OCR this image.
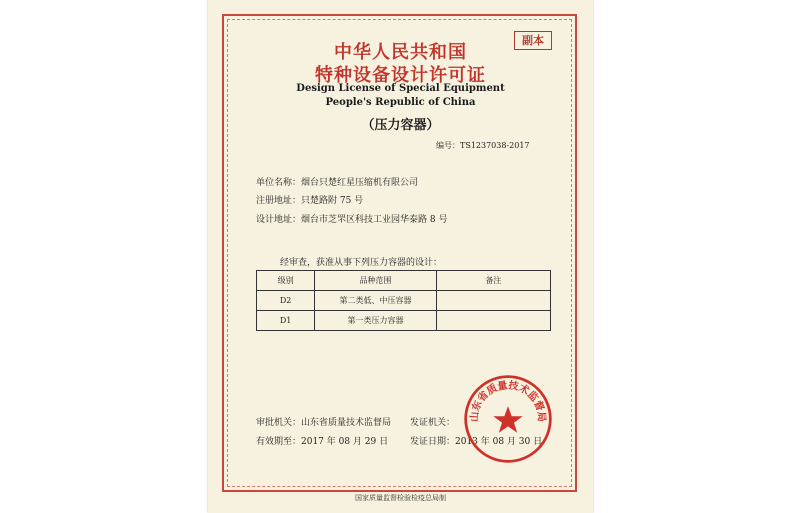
副本
中华人民共和国
特种设备设计许可证
Design License of Special Equipment
People's Republic of China
（压力容器）
编号：TS1237038-2017
单位名称：烟台只楚红星压缩机有限公司
注册地址：只楚路附 75 号
设计地址：烟台市芝罘区科技工业园华泰路 8 号
经审查，获准从事下列压力容器的设计：
级别	品种范围	备注
D2	第二类低、中压容器	
D1	第一类压力容器	
审批机关：山东省质量技术监督局 发证机关：
有效期至：2017 年 08 月 29 日 发证日期：2013 年 08 月 30 日
山东省质量技术监督局
国家质量监督检验检疫总局制
